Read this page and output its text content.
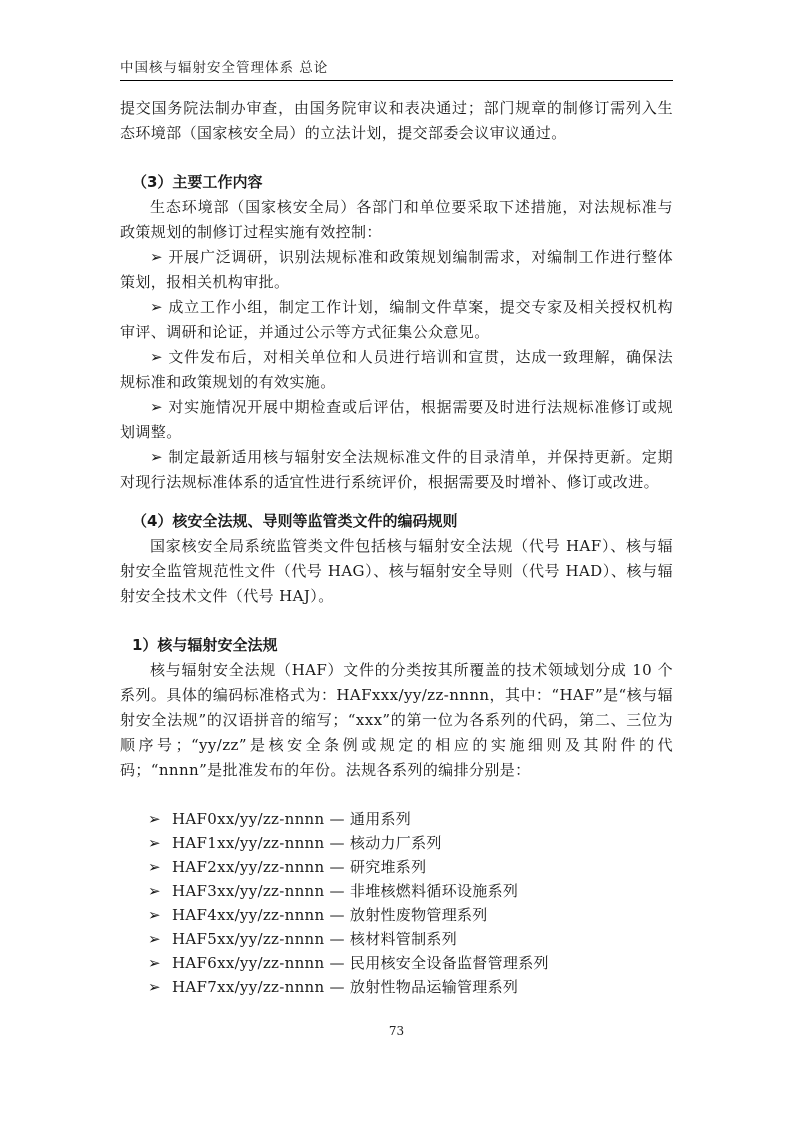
中国核与辐射安全管理体系 总论

提交国务院法制办审查，由国务院审议和表决通过；部门规章的制修订需列入生态环境部（国家核安全局）的立法计划，提交部委会议审议通过。

（3）主要工作内容

生态环境部（国家核安全局）各部门和单位要采取下述措施，对法规标准与政策规划的制修订过程实施有效控制：

➢ 开展广泛调研，识别法规标准和政策规划编制需求，对编制工作进行整体策划，报相关机构审批。

➢ 成立工作小组，制定工作计划，编制文件草案，提交专家及相关授权机构审评、调研和论证，并通过公示等方式征集公众意见。

➢ 文件发布后，对相关单位和人员进行培训和宣贯，达成一致理解，确保法规标准和政策规划的有效实施。

➢ 对实施情况开展中期检查或后评估，根据需要及时进行法规标准修订或规划调整。

➢ 制定最新适用核与辐射安全法规标准文件的目录清单，并保持更新。定期对现行法规标准体系的适宜性进行系统评价，根据需要及时增补、修订或改进。

（4）核安全法规、导则等监管类文件的编码规则

国家核安全局系统监管类文件包括核与辐射安全法规（代号 HAF）、核与辐射安全监管规范性文件（代号 HAG）、核与辐射安全导则（代号 HAD）、核与辐射安全技术文件（代号 HAJ）。

1）核与辐射安全法规

核与辐射安全法规（HAF）文件的分类按其所覆盖的技术领域划分成 10 个系列。具体的编码标准格式为：HAFxxx/yy/zz-nnnn，其中：“HAF”是“核与辐射安全法规”的汉语拼音的缩写；“xxx”的第一位为各系列的代码，第二、三位为顺序号；“yy/zz”是核安全条例或规定的相应的实施细则及其附件的代码；“nnnn”是批准发布的年份。法规各系列的编排分别是：

➢ HAF0xx/yy/zz-nnnn — 通用系列
➢ HAF1xx/yy/zz-nnnn — 核动力厂系列
➢ HAF2xx/yy/zz-nnnn — 研究堆系列
➢ HAF3xx/yy/zz-nnnn — 非堆核燃料循环设施系列
➢ HAF4xx/yy/zz-nnnn — 放射性废物管理系列
➢ HAF5xx/yy/zz-nnnn — 核材料管制系列
➢ HAF6xx/yy/zz-nnnn — 民用核安全设备监督管理系列
➢ HAF7xx/yy/zz-nnnn — 放射性物品运输管理系列
73
